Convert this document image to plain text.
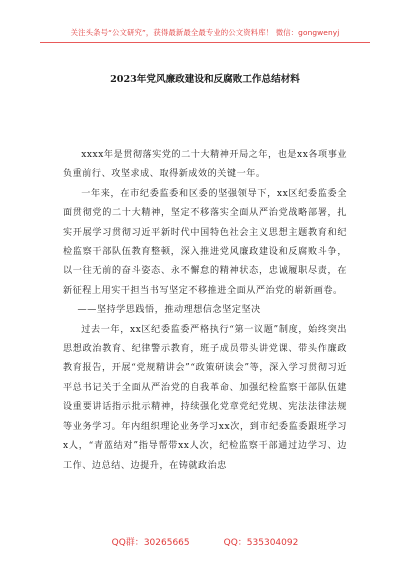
关注头条号“公文研究”，获得最新最全最专业的公文资料库！ 微信：gongwenyj
2023年党风廉政建设和反腐败工作总结材料

xxxx年是贯彻落实党的二十大精神开局之年，也是xx各项事业负重前行、攻坚求成、取得新成效的关键一年。

一年来，在市纪委监委和区委的坚强领导下，xx区纪委监委全面贯彻党的二十大精神，坚定不移落实全面从严治党战略部署，扎实开展学习贯彻习近平新时代中国特色社会主义思想主题教育和纪检监察干部队伍教育整顿，深入推进党风廉政建设和反腐败斗争，以一往无前的奋斗姿态、永不懈怠的精神状态，忠诚履职尽责，在新征程上用实干担当书写坚定不移推进全面从严治党的崭新画卷。

——坚持学思践悟，推动理想信念坚定坚决

过去一年，xx区纪委监委严格执行“第一议题”制度，始终突出思想政治教育、纪律警示教育，班子成员带头讲党课、带头作廉政教育报告，开展“党规精讲会”“政策研读会”等，深入学习贯彻习近平总书记关于全面从严治党的自我革命、加强纪检监察干部队伍建设重要讲话指示批示精神，持续强化党章党纪党规、宪法法律法规等业务学习。年内组织理论业务学习xx次，到市纪委监委跟班学习x人，“青蓝结对”指导帮带xx人次，纪检监察干部通过边学习、边工作、边总结、边提升，在铸就政治忠

QQ群：30265665	QQ：535304092
